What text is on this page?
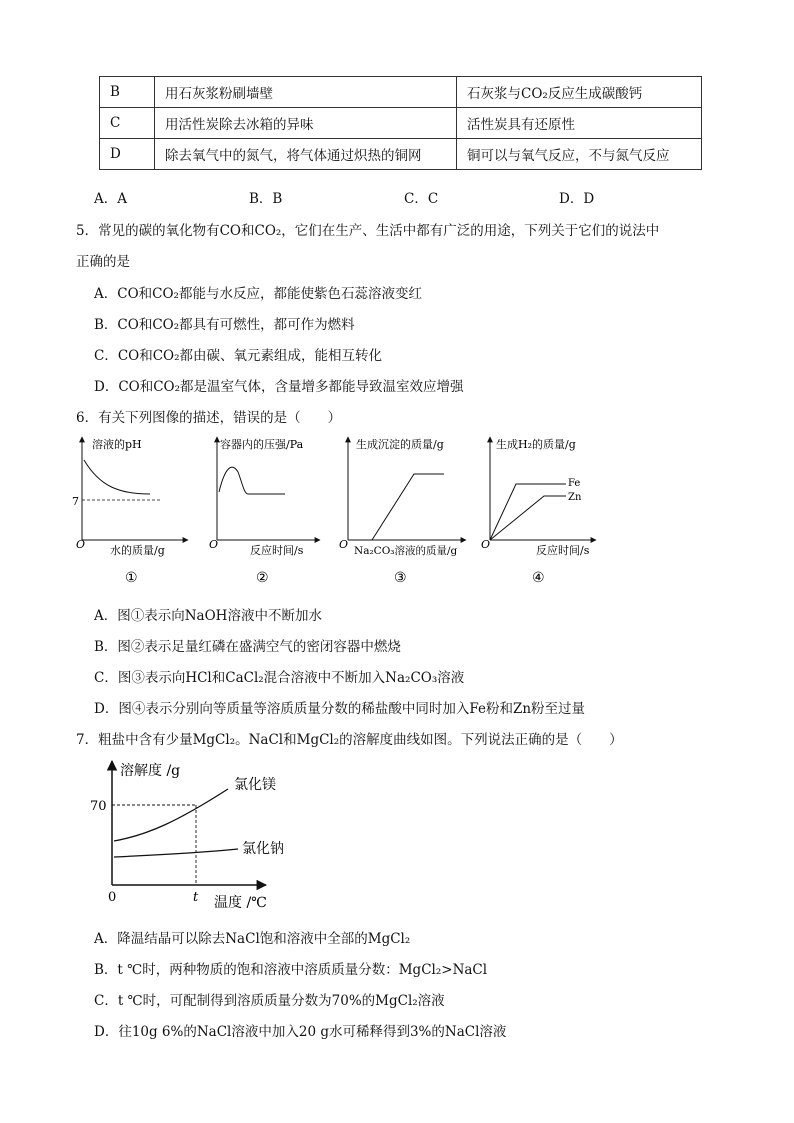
B	用石灰浆粉刷墙壁	石灰浆与CO₂反应生成碳酸钙
C	用活性炭除去冰箱的异味	活性炭具有还原性
D	除去氧气中的氮气，将气体通过炽热的铜网	铜可以与氧气反应，不与氮气反应
A．A	B．B	C．C	D．D
5．常见的碳的氧化物有CO和CO₂，它们在生产、生活中都有广泛的用途，下列关于它们的说法中
正确的是
A．CO和CO₂都能与水反应，都能使紫色石蕊溶液变红
B．CO和CO₂都具有可燃性，都可作为燃料
C．CO和CO₂都由碳、氧元素组成，能相互转化
D．CO和CO₂都是温室气体，含量增多都能导致温室效应增强
6．有关下列图像的描述，错误的是（　　）
溶液的pH
7
O 水的质量/g
①
容器内的压强/Pa
O	反应时间/s
②
生成沉淀的质量/g
O Na₂CO₃溶液的质量/g
③
生成H₂的质量/g
Fe
Zn
O	反应时间/s
④
A．图①表示向NaOH溶液中不断加水
B．图②表示足量红磷在盛满空气的密闭容器中燃烧
C．图③表示向HCl和CaCl₂混合溶液中不断加入Na₂CO₃溶液
D．图④表示分别向等质量等溶质质量分数的稀盐酸中同时加入Fe粉和Zn粉至过量
7．粗盐中含有少量MgCl₂。NaCl和MgCl₂的溶解度曲线如图。下列说法正确的是（　　）
溶解度 /g
70
氯化镁
氯化钠
0	t 温度 /℃
A．降温结晶可以除去NaCl饱和溶液中全部的MgCl₂
B．t ℃时，两种物质的饱和溶液中溶质质量分数：MgCl₂>NaCl
C．t ℃时，可配制得到溶质质量分数为70%的MgCl₂溶液
D．往10g 6%的NaCl溶液中加入20 g水可稀释得到3%的NaCl溶液
